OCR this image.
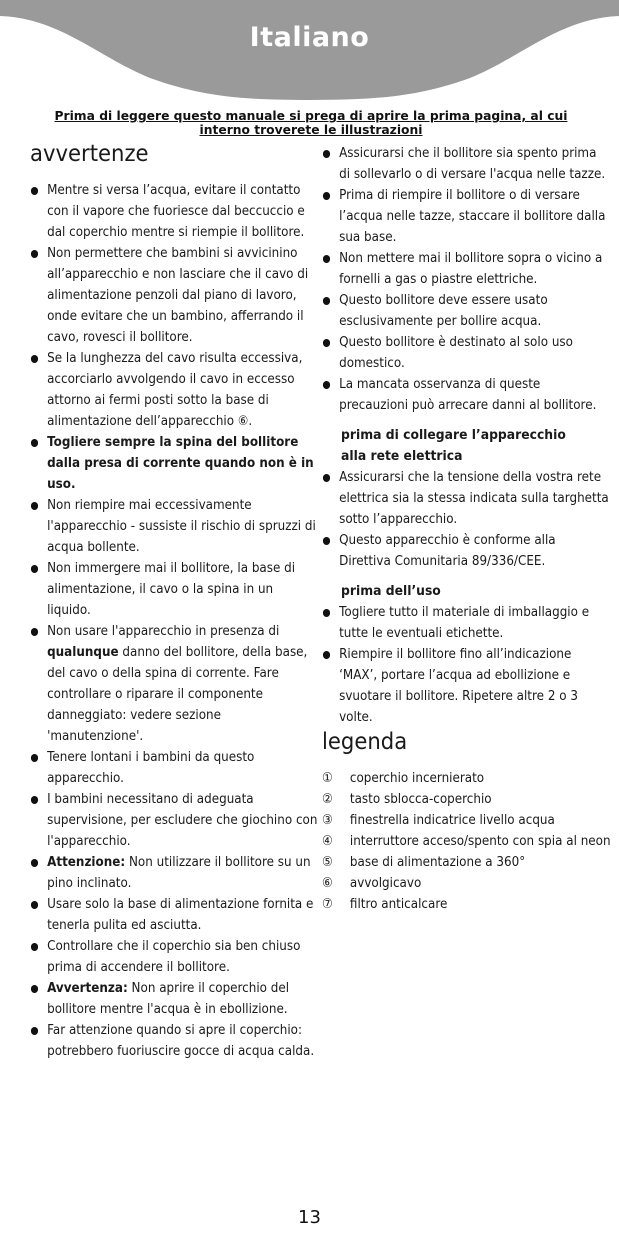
Italiano
Prima di leggere questo manuale si prega di aprire la prima pagina, al cui interno troverete le illustrazioni
avvertenze
Mentre si versa l’acqua, evitare il contatto con il vapore che fuoriesce dal beccuccio e dal coperchio mentre si riempie il bollitore.
Non permettere che bambini si avvicinino all’apparecchio e non lasciare che il cavo di alimentazione penzoli dal piano di lavoro, onde evitare che un bambino, afferrando il cavo, rovesci il bollitore.
Se la lunghezza del cavo risulta eccessiva, accorciarlo avvolgendo il cavo in eccesso attorno ai fermi posti sotto la base di alimentazione dell’apparecchio ⑥.
Togliere sempre la spina del bollitore dalla presa di corrente quando non è in uso.
Non riempire mai eccessivamente l'apparecchio - sussiste il rischio di spruzzi di acqua bollente.
Non immergere mai il bollitore, la base di alimentazione, il cavo o la spina in un liquido.
Non usare l'apparecchio in presenza di qualunque danno del bollitore, della base, del cavo o della spina di corrente. Fare controllare o riparare il componente danneggiato: vedere sezione 'manutenzione'.
Tenere lontani i bambini da questo apparecchio.
I bambini necessitano di adeguata supervisione, per escludere che giochino con l'apparecchio.
Attenzione: Non utilizzare il bollitore su un pino inclinato.
Usare solo la base di alimentazione fornita e tenerla pulita ed asciutta.
Controllare che il coperchio sia ben chiuso prima di accendere il bollitore.
Avvertenza: Non aprire il coperchio del bollitore mentre l'acqua è in ebollizione.
Far attenzione quando si apre il coperchio: potrebbero fuoriuscire gocce di acqua calda.
Assicurarsi che il bollitore sia spento prima di sollevarlo o di versare l'acqua nelle tazze.
Prima di riempire il bollitore o di versare l’acqua nelle tazze, staccare il bollitore dalla sua base.
Non mettere mai il bollitore sopra o vicino a fornelli a gas o piastre elettriche.
Questo bollitore deve essere usato esclusivamente per bollire acqua.
Questo bollitore è destinato al solo uso domestico.
La mancata osservanza di queste precauzioni può arrecare danni al bollitore.
prima di collegare l’apparecchio alla rete elettrica
Assicurarsi che la tensione della vostra rete elettrica sia la stessa indicata sulla targhetta sotto l’apparecchio.
Questo apparecchio è conforme alla Direttiva Comunitaria 89/336/CEE.
prima dell’uso
Togliere tutto il materiale di imballaggio e tutte le eventuali etichette.
Riempire il bollitore fino all’indicazione ‘MAX’, portare l’acqua ad ebollizione e svuotare il bollitore. Ripetere altre 2 o 3 volte.
legenda
① coperchio incernierato
② tasto sblocca-coperchio
③ finestrella indicatrice livello acqua
④ interruttore acceso/spento con spia al neon
⑤ base di alimentazione a 360°
⑥ avvolgicavo
⑦ filtro anticalcare
13
